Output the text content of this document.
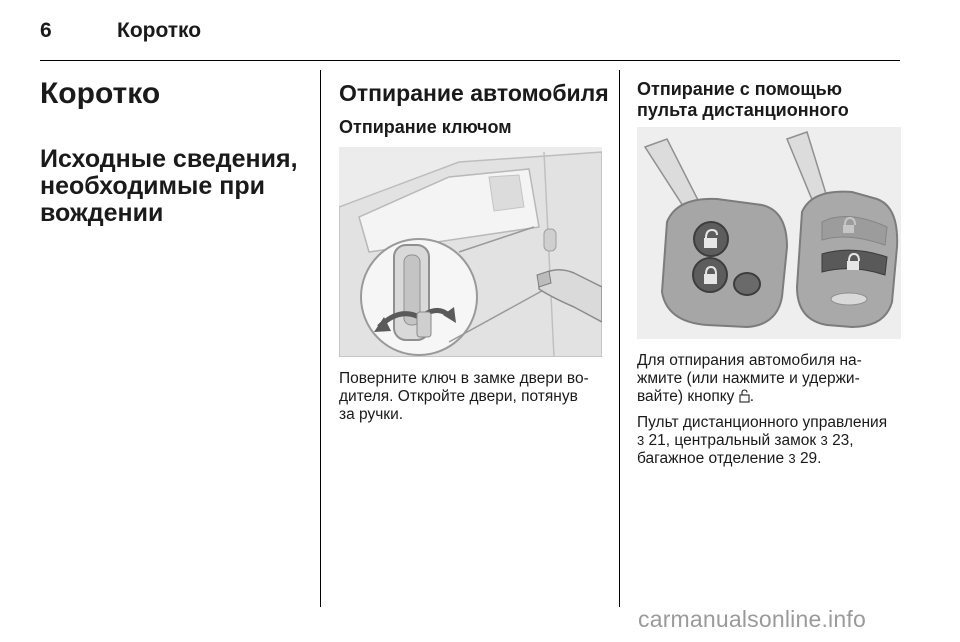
6	Коротко
Коротко
Исходные сведения, необходимые при вождении
Отпирание автомобиля
Отпирание ключом
Поверните ключ в замке двери во-
дителя. Откройте двери, потянув
за ручки.
Отпирание с помощью пульта дистанционного
Для отпирания автомобиля на-
жмите (или нажмите и удержи-
вайте) кнопку .
Пульт дистанционного управления
3 21, центральный замок 3 23,
багажное отделение 3 29.
carmanualsonline.info
